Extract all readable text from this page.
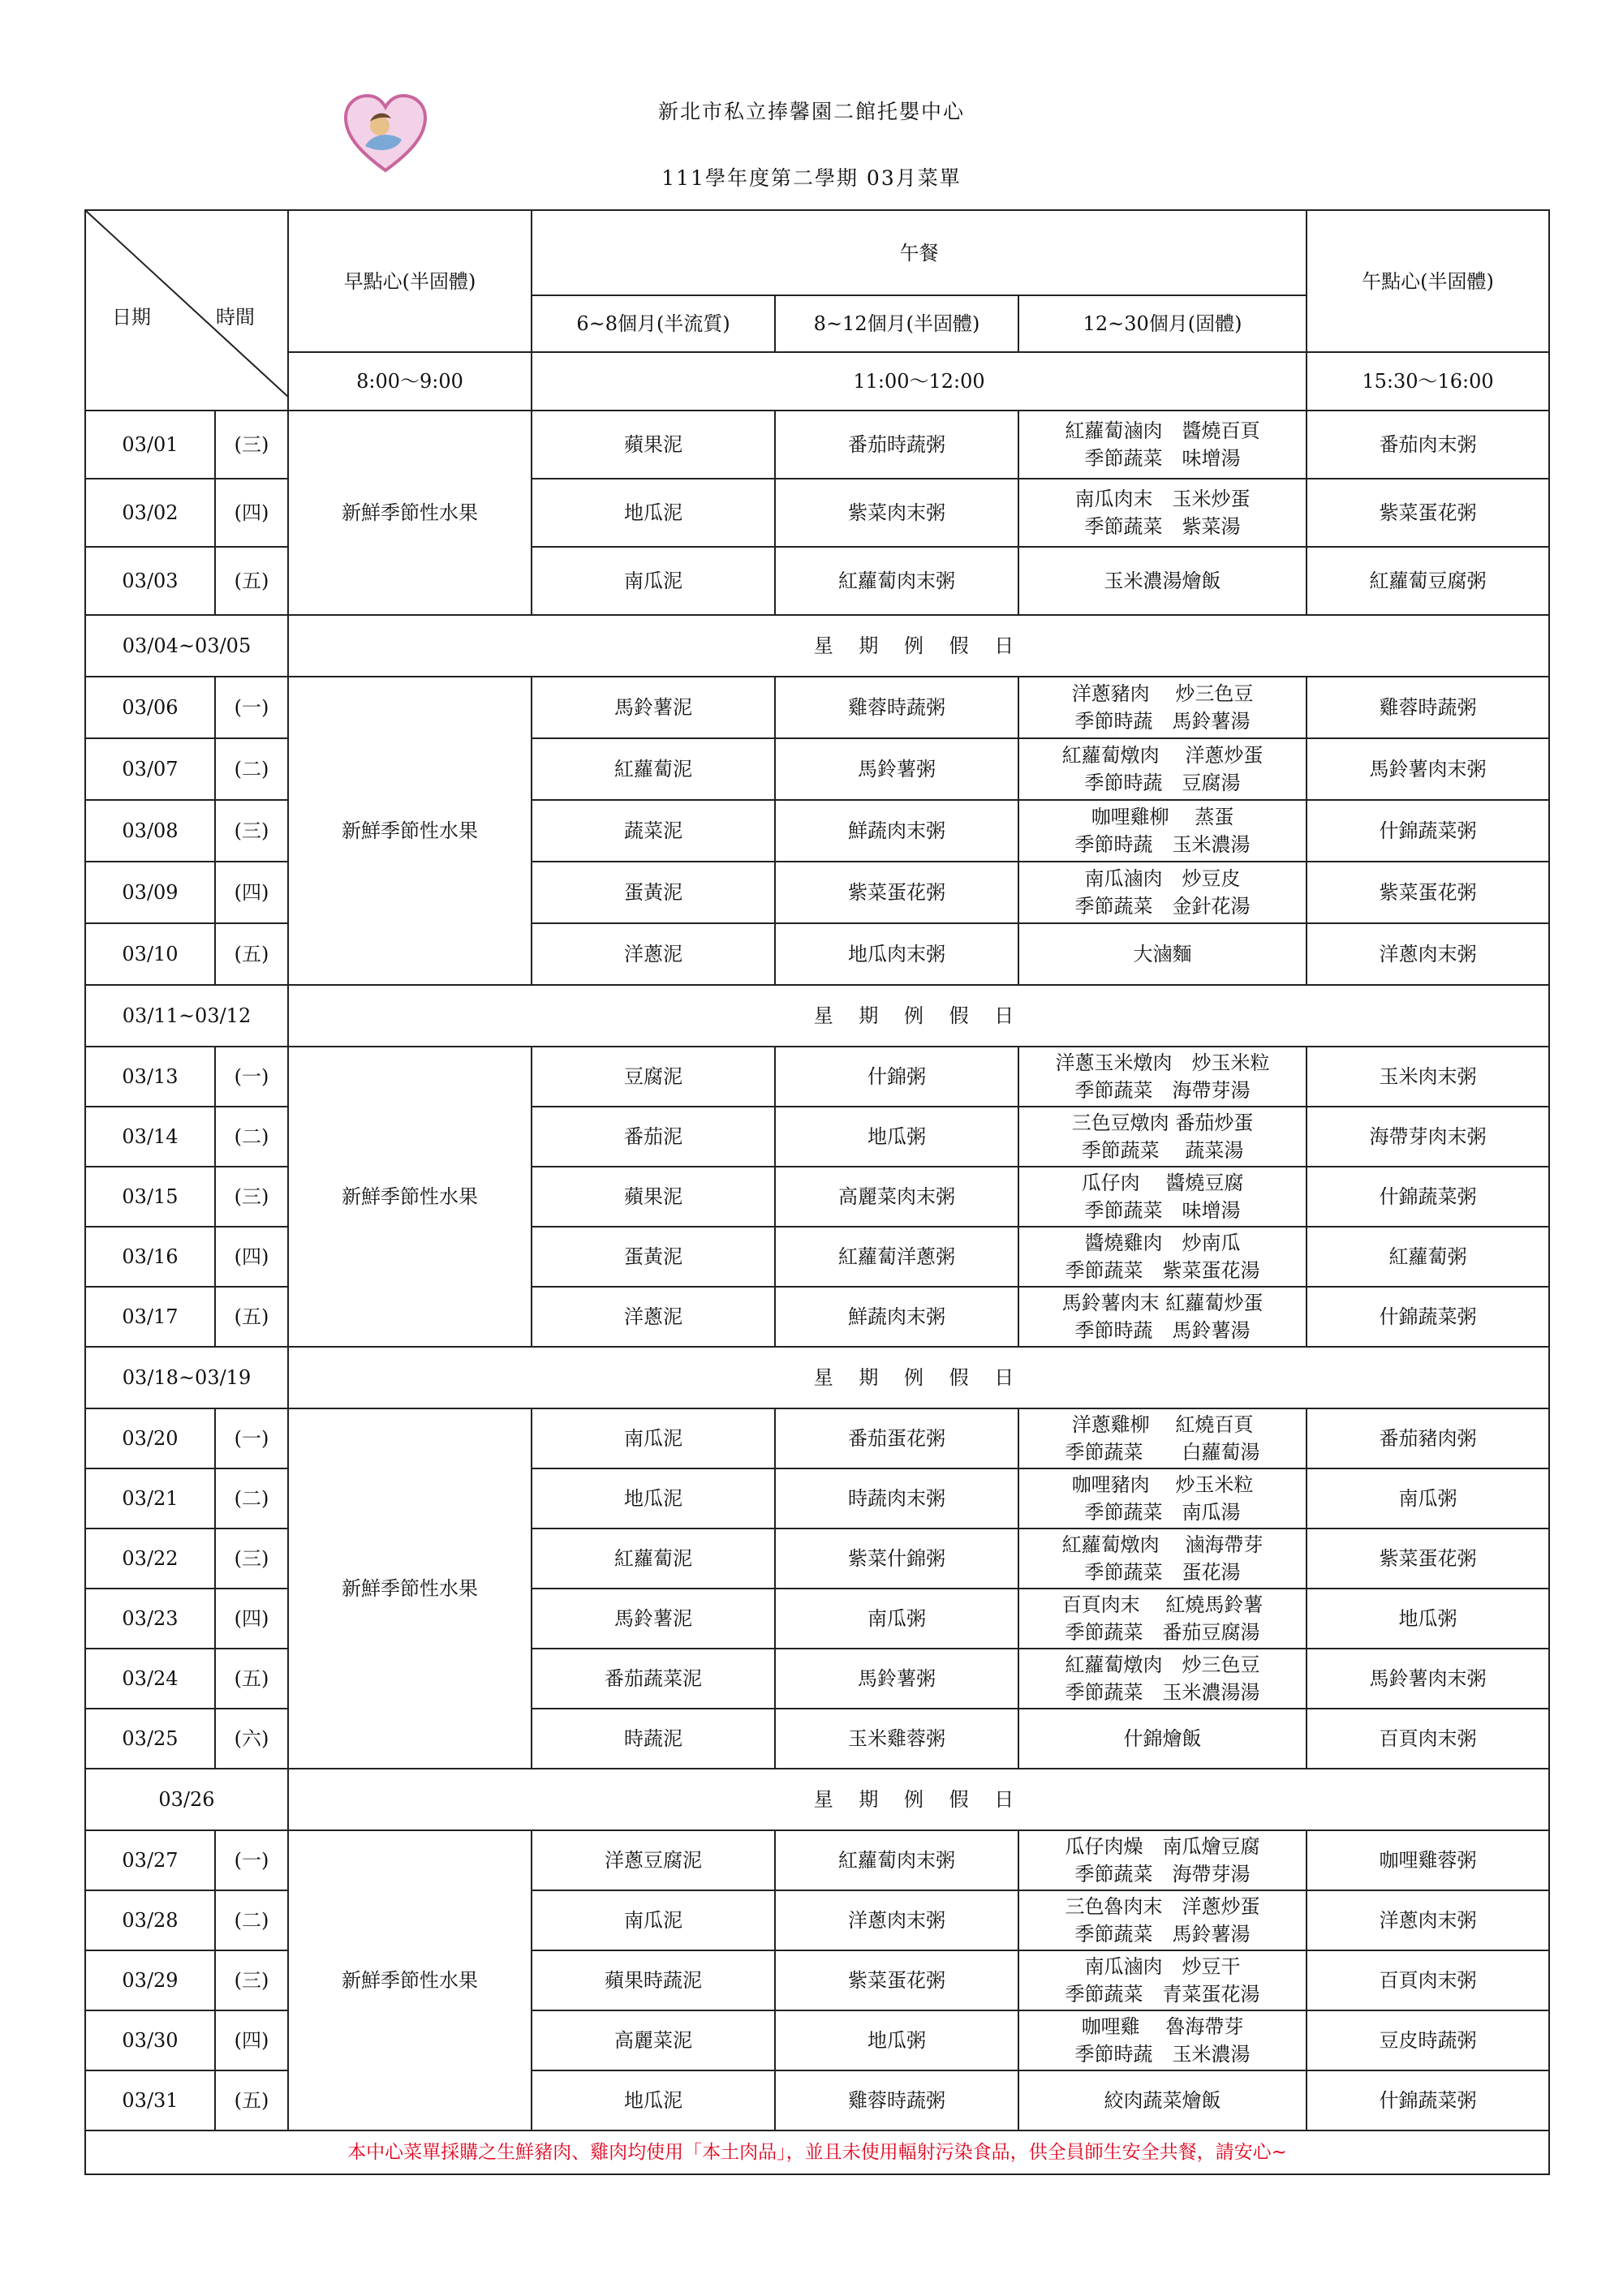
新北市私立捧馨園二館托嬰中心
111學年度第二學期 03月菜單
日期 時間		早點心(半固體)	午餐			午點心(半固體)
			6~8個月(半流質)	8~12個月(半固體)	12~30個月(固體)	
		8:00～9:00	11:00～12:00			15:30～16:00
03/01	(三)	新鮮季節性水果	蘋果泥	番茄時蔬粥	紅蘿蔔滷肉　醬燒百頁
季節蔬菜　味增湯	番茄肉末粥
03/02	(四)		地瓜泥	紫菜肉末粥	南瓜肉末　玉米炒蛋
季節蔬菜　紫菜湯	紫菜蛋花粥
03/03	(五)		南瓜泥	紅蘿蔔肉末粥	玉米濃湯燴飯	紅蘿蔔豆腐粥
03/04~03/05		星 期 例 假 日				
03/06	(一)	新鮮季節性水果	馬鈴薯泥	雞蓉時蔬粥	洋蔥豬肉　 炒三色豆
季節時蔬　馬鈴薯湯	雞蓉時蔬粥
03/07	(二)		紅蘿蔔泥	馬鈴薯粥	紅蘿蔔燉肉　 洋蔥炒蛋
季節時蔬　豆腐湯	馬鈴薯肉末粥
03/08	(三)		蔬菜泥	鮮蔬肉末粥	咖哩雞柳　 蒸蛋
季節時蔬　玉米濃湯	什錦蔬菜粥
03/09	(四)		蛋黃泥	紫菜蛋花粥	南瓜滷肉　炒豆皮
季節蔬菜　金針花湯	紫菜蛋花粥
03/10	(五)		洋蔥泥	地瓜肉末粥	大滷麵	洋蔥肉末粥
03/11~03/12		星 期 例 假 日				
03/13	(一)	新鮮季節性水果	豆腐泥	什錦粥	洋蔥玉米燉肉　炒玉米粒
季節蔬菜　海帶芽湯	玉米肉末粥
03/14	(二)		番茄泥	地瓜粥	三色豆燉肉 番茄炒蛋
季節蔬菜　 蔬菜湯	海帶芽肉末粥
03/15	(三)		蘋果泥	高麗菜肉末粥	瓜仔肉　 醬燒豆腐
季節蔬菜　味增湯	什錦蔬菜粥
03/16	(四)		蛋黃泥	紅蘿蔔洋蔥粥	醬燒雞肉　炒南瓜
季節蔬菜　紫菜蛋花湯	紅蘿蔔粥
03/17	(五)		洋蔥泥	鮮蔬肉末粥	馬鈴薯肉末 紅蘿蔔炒蛋
季節時蔬　馬鈴薯湯	什錦蔬菜粥
03/18~03/19		星 期 例 假 日				
03/20	(一)	新鮮季節性水果	南瓜泥	番茄蛋花粥	洋蔥雞柳　 紅燒百頁
季節蔬菜　　白蘿蔔湯	番茄豬肉粥
03/21	(二)		地瓜泥	時蔬肉末粥	咖哩豬肉　 炒玉米粒
季節蔬菜　南瓜湯	南瓜粥
03/22	(三)		紅蘿蔔泥	紫菜什錦粥	紅蘿蔔燉肉　 滷海帶芽
季節蔬菜　蛋花湯	紫菜蛋花粥
03/23	(四)		馬鈴薯泥	南瓜粥	百頁肉末　 紅燒馬鈴薯
季節蔬菜　番茄豆腐湯	地瓜粥
03/24	(五)		番茄蔬菜泥	馬鈴薯粥	紅蘿蔔燉肉　炒三色豆
季節蔬菜　玉米濃湯湯	馬鈴薯肉末粥
03/25	(六)		時蔬泥	玉米雞蓉粥	什錦燴飯	百頁肉末粥
03/26		星 期 例 假 日				
03/27	(一)	新鮮季節性水果	洋蔥豆腐泥	紅蘿蔔肉末粥	瓜仔肉燥　南瓜燴豆腐
季節蔬菜　海帶芽湯	咖哩雞蓉粥
03/28	(二)		南瓜泥	洋蔥肉末粥	三色魯肉末　洋蔥炒蛋
季節蔬菜　馬鈴薯湯	洋蔥肉末粥
03/29	(三)		蘋果時蔬泥	紫菜蛋花粥	南瓜滷肉　炒豆干
季節蔬菜　青菜蛋花湯	百頁肉末粥
03/30	(四)		高麗菜泥	地瓜粥	咖哩雞　 魯海帶芽
季節時蔬　玉米濃湯	豆皮時蔬粥
03/31	(五)		地瓜泥	雞蓉時蔬粥	絞肉蔬菜燴飯	什錦蔬菜粥
本中心菜單採購之生鮮豬肉、雞肉均使用「本土肉品」，並且未使用輻射污染食品，供全員師生安全共餐，請安心~						
